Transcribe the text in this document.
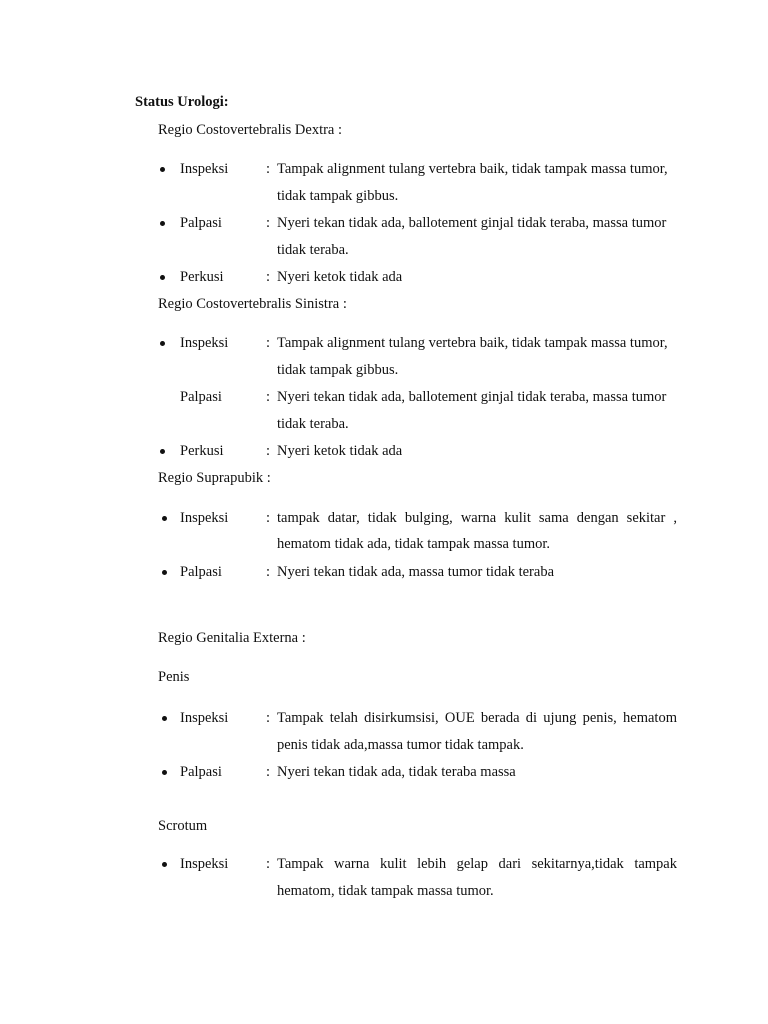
Status Urologi:
Regio Costovertebralis Dextra :
Inspeksi	: Tampak alignment tulang vertebra baik, tidak tampak massa tumor,
tidak tampak gibbus.
Palpasi	: Nyeri tekan tidak ada, ballotement ginjal tidak teraba, massa tumor
tidak teraba.
Perkusi	: Nyeri ketok tidak ada
Regio Costovertebralis Sinistra :
Inspeksi	: Tampak alignment tulang vertebra baik, tidak tampak massa tumor,
tidak tampak gibbus.
Palpasi	: Nyeri tekan tidak ada, ballotement ginjal tidak teraba, massa tumor
tidak teraba.
Perkusi	: Nyeri ketok tidak ada
Regio Suprapubik :
Inspeksi	: tampak datar, tidak bulging, warna kulit sama dengan sekitar ,
hematom tidak ada, tidak tampak massa tumor.
Palpasi	: Nyeri tekan tidak ada, massa tumor tidak teraba
Regio Genitalia Externa :
Penis
Inspeksi	: Tampak telah disirkumsisi, OUE berada di ujung penis, hematom
penis tidak ada,massa tumor tidak tampak.
Palpasi	: Nyeri tekan tidak ada, tidak teraba massa
Scrotum
Inspeksi	: Tampak warna kulit lebih gelap dari sekitarnya,tidak tampak
hematom, tidak tampak massa tumor.
